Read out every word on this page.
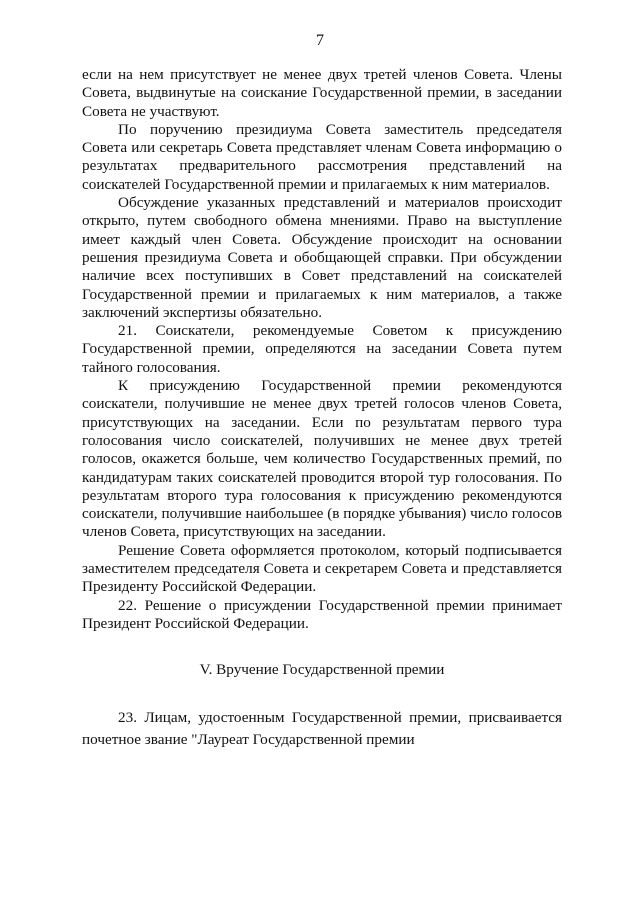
7

если на нем присутствует не менее двух третей членов Совета. Члены Совета, выдвинутые на соискание Государственной премии, в заседании Совета не участвуют.

По поручению президиума Совета заместитель председателя Совета или секретарь Совета представляет членам Совета информацию о результатах предварительного рассмотрения представлений на соискателей Государственной премии и прилагаемых к ним материалов.

Обсуждение указанных представлений и материалов происходит открыто, путем свободного обмена мнениями. Право на выступление имеет каждый член Совета. Обсуждение происходит на основании решения президиума Совета и обобщающей справки. При обсуждении наличие всех поступивших в Совет представлений на соискателей Государственной премии и прилагаемых к ним материалов, а также заключений экспертизы обязательно.

21. Соискатели, рекомендуемые Советом к присуждению Государственной премии, определяются на заседании Совета путем тайного голосования.

К присуждению Государственной премии рекомендуются соискатели, получившие не менее двух третей голосов членов Совета, присутствующих на заседании. Если по результатам первого тура голосования число соискателей, получивших не менее двух третей голосов, окажется больше, чем количество Государственных премий, по кандидатурам таких соискателей проводится второй тур голосования. По результатам второго тура голосования к присуждению рекомендуются соискатели, получившие наибольшее (в порядке убывания) число голосов членов Совета, присутствующих на заседании.

Решение Совета оформляется протоколом, который подписывается заместителем председателя Совета и секретарем Совета и представляется Президенту Российской Федерации.

22. Решение о присуждении Государственной премии принимает Президент Российской Федерации.

V. Вручение Государственной премии

23. Лицам, удостоенным Государственной премии, присваивается почетное звание "Лауреат Государственной премии
